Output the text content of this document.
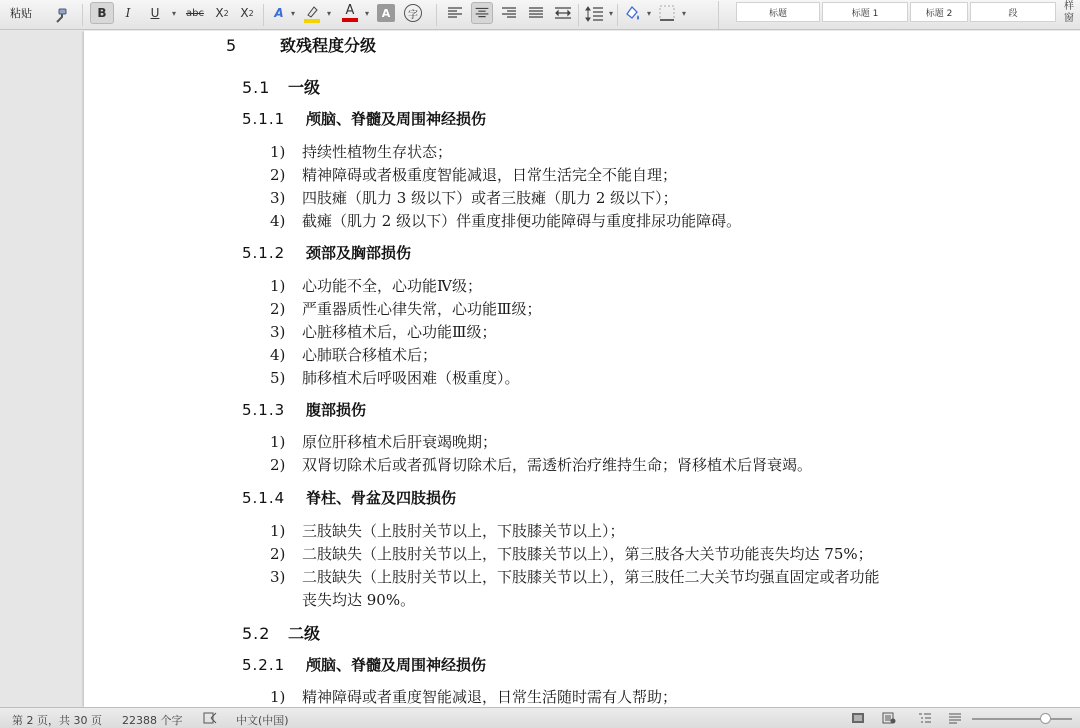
粘贴	B	I	U	▾	abc X 2 X 2	A ▾	▾ A ▾	A	字	▾	▾	▾	标题	标题 1	标题 2	段
样
窗
5	致残程度分级
5.1 一级
5.1.1 颅脑、脊髓及周围神经损伤
1) 持续性植物生存状态；
2) 精神障碍或者极重度智能减退，日常生活完全不能自理；
3) 四肢瘫（肌力 3 级以下）或者三肢瘫（肌力 2 级以下）；
4) 截瘫（肌力 2 级以下）伴重度排便功能障碍与重度排尿功能障碍。
5.1.2 颈部及胸部损伤
1) 心功能不全，心功能Ⅳ级；
2) 严重器质性心律失常，心功能Ⅲ级；
3) 心脏移植术后，心功能Ⅲ级；
4) 心肺联合移植术后；
5) 肺移植术后呼吸困难（极重度）。
5.1.3 腹部损伤
1) 原位肝移植术后肝衰竭晚期；
2) 双肾切除术后或者孤肾切除术后，需透析治疗维持生命；肾移植术后肾衰竭。
5.1.4 脊柱、骨盆及四肢损伤
1) 三肢缺失（上肢肘关节以上，下肢膝关节以上）；
2) 二肢缺失（上肢肘关节以上，下肢膝关节以上），第三肢各大关节功能丧失均达 75%；
3) 二肢缺失（上肢肘关节以上，下肢膝关节以上），第三肢任二大关节均强直固定或者功能
丧失均达 90%。
5.2 二级
5.2.1 颅脑、脊髓及周围神经损伤
1) 精神障碍或者重度智能减退，日常生活随时需有人帮助；
第 2 页，共 30 页 22388 个字	中文(中国)
